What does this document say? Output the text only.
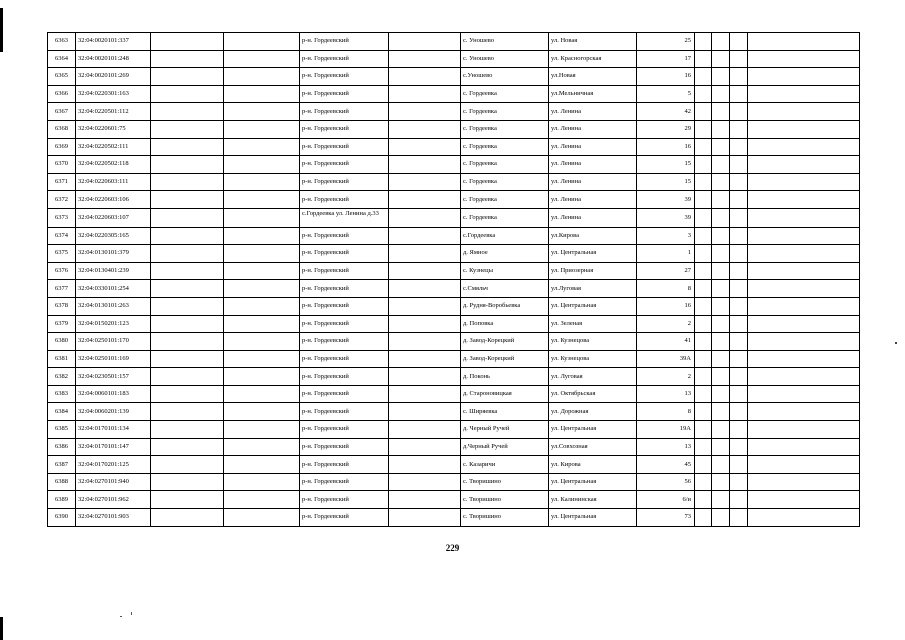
6363	32:04:0020101:337			р-н. Гордеевский		с. Уношево	ул. Новая	25				
6364	32:04:0020101:248			р-н. Гордеевский		с. Уношево	ул. Красногорская	17				
6365	32:04:0020101:269			р-н. Гордеевский		с.Уношево	ул.Новая	16				
6366	32:04:0220301:163			р-н. Гордеевский		с. Гордеевка	ул.Мельничная	5				
6367	32:04:0220501:112			р-н. Гордеевский		с. Гордеевка	ул. Ленина	42				
6368	32:04:0220601:75			р-н. Гордеевский		с. Гордеевка	ул. Ленина	29				
6369	32:04:0220502:111			р-н. Гордеевский		с. Гордеевка	ул. Ленина	16				
6370	32:04:0220502:118			р-н. Гордеевский		с. Гордеевка	ул. Ленина	15				
6371	32:04:0220603:111			р-н. Гордеевский		с. Гордеевка	ул. Ленина	15				
6372	32:04:0220603:106			р-н. Гордеевский		с. Гордеевка	ул. Ленина	39				
6373	32:04:0220603:107			с.Гордеевка ул. Ленина д.33		с. Гордеевка	ул. Ленина	39				
6374	32:04:0220305:165			р-н. Гордеевский		с.Гордеевка	ул.Кирова	3				
6375	32:04:0130101:379			р-н. Гордеевский		д. Ямное	ул. Центральная	1				
6376	32:04:0130401:239			р-н. Гордеевский		с. Кузнецы	ул. Приозерная	27				
6377	32:04:0330101:254			р-н. Гордеевский		с.Смяльч	ул.Луговая	8				
6378	32:04:0130101:263			р-н. Гордеевский		д. Рудня-Воробьевка	ул. Центральная	16				
6379	32:04:0150201:123			р-н. Гордеевский		д. Поповка	ул. Зеленая	2				
6380	32:04:0250101:170			р-н. Гордеевский		д. Завод-Корецкий	ул. Кузнецова	41				
6381	32:04:0250101:169			р-н. Гордеевский		д. Завод-Корецкий	ул. Кузнецова	39А				
6382	32:04:0230501:157			р-н. Гордеевский		д. Поконь	ул. Луговая	2				
6383	32:04:0060101:183			р-н. Гордеевский		д. Староновицкая	ул. Октябрьская	13				
6384	32:04:0060201:139			р-н. Гордеевский		с. Ширяевка	ул. Дорожная	8				
6385	32:04:0170101:134			р-н. Гордеевский		д. Черный Ручей	ул. Центральная	19А				
6386	32:04:0170101:147			р-н. Гордеевский		д.Черный Ручей	ул.Совхозная	13				
6387	32:04:0170201:125			р-н. Гордеевский		с. Казаричи	ул. Кирова	45				
6388	32:04:0270101:940			р-н. Гордеевский		с. Творишино	ул. Центральная	56				
6389	32:04:0270101:962			р-н. Гордеевский		с. Творишино	ул. Калининская	6/и				
6390	32:04:0270101:903			р-н. Гордеевский		с. Творишино	ул. Центральная	73				
229
